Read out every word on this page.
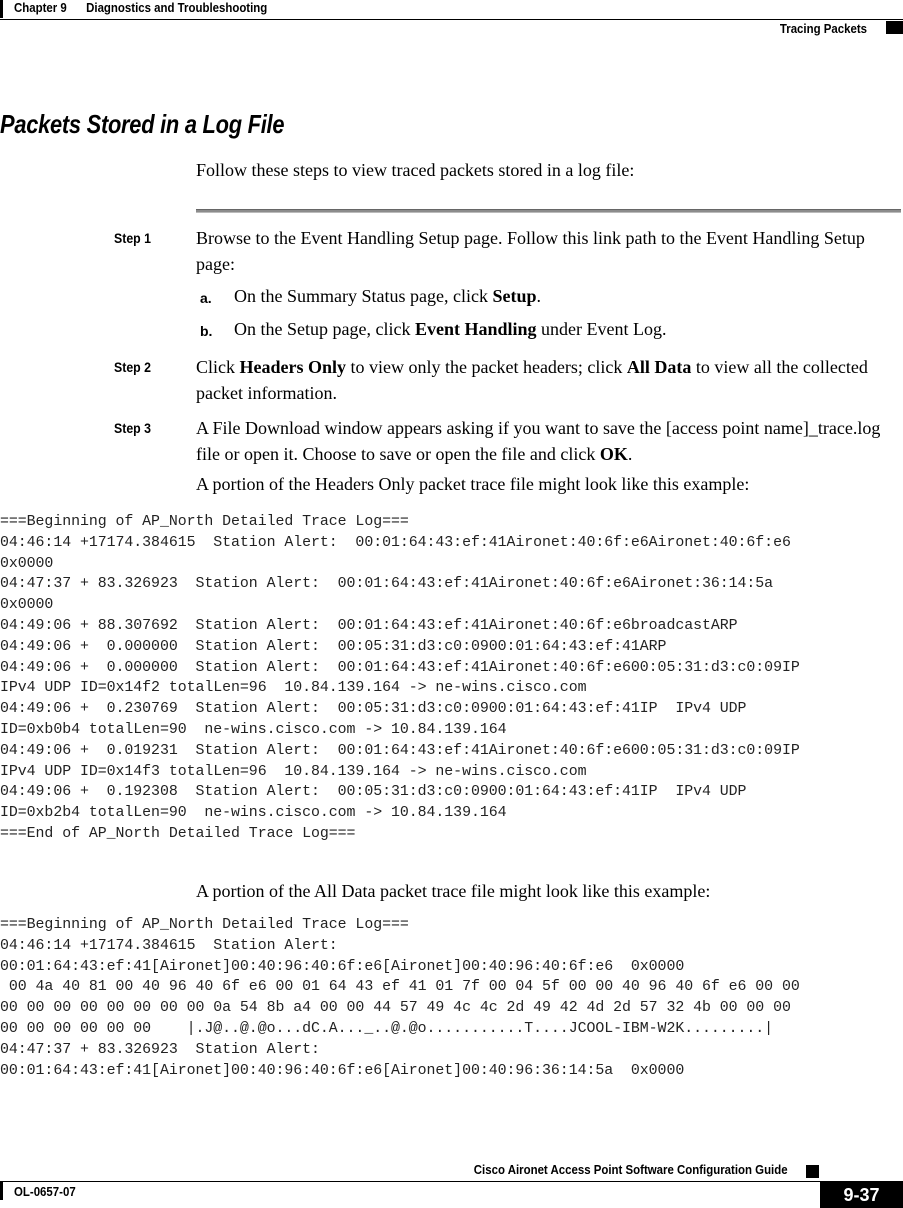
Chapter 9 Diagnostics and Troubleshooting
Tracing Packets
Packets Stored in a Log File
Follow these steps to view traced packets stored in a log file:
Step 1	Browse to the Event Handling Setup page. Follow this link path to the Event Handling Setup page:
a. On the Summary Status page, click Setup.
b. On the Setup page, click Event Handling under Event Log.
Step 2	Click Headers Only to view only the packet headers; click All Data to view all the collected packet information.
Step 3	A File Download window appears asking if you want to save the [access point name]_trace.log file or open it. Choose to save or open the file and click OK.
A portion of the Headers Only packet trace file might look like this example:
===Beginning of AP_North Detailed Trace Log===
04:46:14 +17174.384615  Station Alert:  00:01:64:43:ef:41Aironet:40:6f:e6Aironet:40:6f:e6
0x0000
04:47:37 + 83.326923  Station Alert:  00:01:64:43:ef:41Aironet:40:6f:e6Aironet:36:14:5a
0x0000
04:49:06 + 88.307692  Station Alert:  00:01:64:43:ef:41Aironet:40:6f:e6broadcastARP
04:49:06 +  0.000000  Station Alert:  00:05:31:d3:c0:0900:01:64:43:ef:41ARP
04:49:06 +  0.000000  Station Alert:  00:01:64:43:ef:41Aironet:40:6f:e600:05:31:d3:c0:09IP
IPv4 UDP ID=0x14f2 totalLen=96  10.84.139.164 -> ne-wins.cisco.com
04:49:06 +  0.230769  Station Alert:  00:05:31:d3:c0:0900:01:64:43:ef:41IP  IPv4 UDP
ID=0xb0b4 totalLen=90  ne-wins.cisco.com -> 10.84.139.164
04:49:06 +  0.019231  Station Alert:  00:01:64:43:ef:41Aironet:40:6f:e600:05:31:d3:c0:09IP
IPv4 UDP ID=0x14f3 totalLen=96  10.84.139.164 -> ne-wins.cisco.com
04:49:06 +  0.192308  Station Alert:  00:05:31:d3:c0:0900:01:64:43:ef:41IP  IPv4 UDP
ID=0xb2b4 totalLen=90  ne-wins.cisco.com -> 10.84.139.164
===End of AP_North Detailed Trace Log===
A portion of the All Data packet trace file might look like this example:
===Beginning of AP_North Detailed Trace Log===
04:46:14 +17174.384615  Station Alert:
00:01:64:43:ef:41[Aironet]00:40:96:40:6f:e6[Aironet]00:40:96:40:6f:e6  0x0000
00 4a 40 81 00 40 96 40 6f e6 00 01 64 43 ef 41 01 7f 00 04 5f 00 00 40 96 40 6f e6 00 00
00 00 00 00 00 00 00 00 0a 54 8b a4 00 00 44 57 49 4c 4c 2d 49 42 4d 2d 57 32 4b 00 00 00
00 00 00 00 00 00    |.J@..@.@o...dC.A..._..@.@o...........T....JCOOL-IBM-W2K.........|
04:47:37 + 83.326923  Station Alert:
00:01:64:43:ef:41[Aironet]00:40:96:40:6f:e6[Aironet]00:40:96:36:14:5a  0x0000
Cisco Aironet Access Point Software Configuration Guide
OL-0657-07	9-37
